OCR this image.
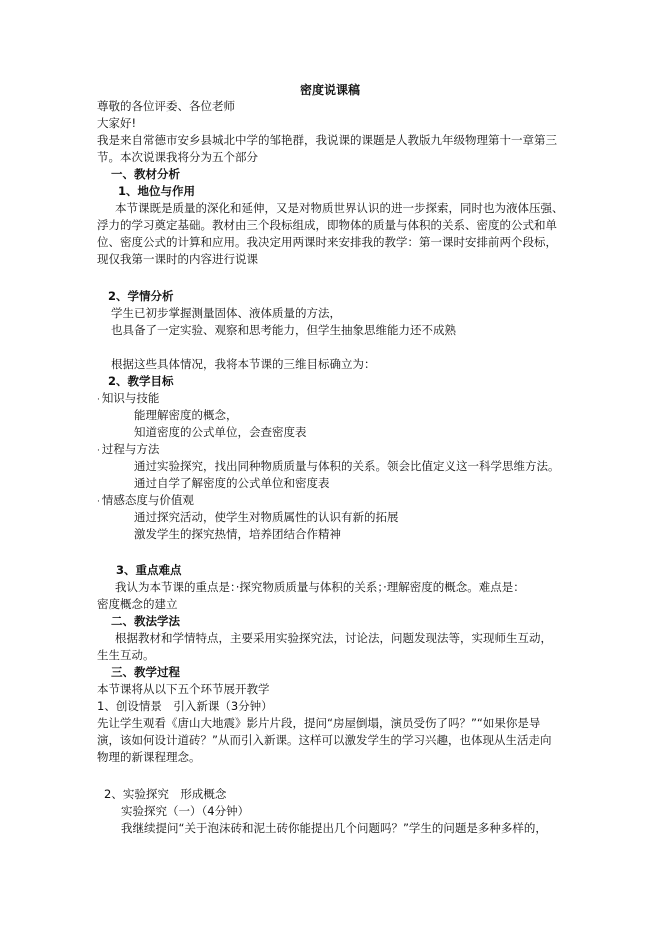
密度说课稿
尊敬的各位评委、各位老师
大家好!
我是来自常德市安乡县城北中学的邹艳群，我说课的课题是人教版九年级物理第十一章第三
节。本次说课我将分为五个部分
一、教材分析
1、地位与作用
本节课既是质量的深化和延伸，又是对物质世界认识的进一步探索，同时也为液体压强、
浮力的学习奠定基础。教材由三个段标组成，即物体的质量与体积的关系、密度的公式和单
位、密度公式的计算和应用。我决定用两课时来安排我的教学：第一课时安排前两个段标，
现仅我第一课时的内容进行说课
2、学情分析
学生已初步掌握测量固体、液体质量的方法，
也具备了一定实验、观察和思考能力，但学生抽象思维能力还不成熟
根据这些具体情况，我将本节课的三维目标确立为：
2、教学目标
· 知识与技能
能理解密度的概念，
知道密度的公式单位，会查密度表
· 过程与方法
通过实验探究，找出同种物质质量与体积的关系。领会比值定义这一科学思维方法。
通过自学了解密度的公式单位和密度表
· 情感态度与价值观
通过探究活动，使学生对物质属性的认识有新的拓展
激发学生的探究热情，培养团结合作精神
3、重点难点
我认为本节课的重点是：·探究物质质量与体积的关系；·理解密度的概念。难点是：
密度概念的建立
二、教法学法
根据教材和学情特点，主要采用实验探究法，讨论法，问题发现法等，实现师生互动，
生生互动。
三、教学过程
本节课将从以下五个环节展开教学
1、创设情景　引入新课（3分钟）
先让学生观看《唐山大地震》影片片段，提问“房屋倒塌，演员受伤了吗？”“如果你是导
演，该如何设计道砖？”从而引入新课。这样可以激发学生的学习兴趣，也体现从生活走向
物理的新课程理念。
2、实验探究　形成概念
实验探究（一）（4分钟）
我继续提问“关于泡沫砖和泥土砖你能提出几个问题吗？”学生的问题是多种多样的，
